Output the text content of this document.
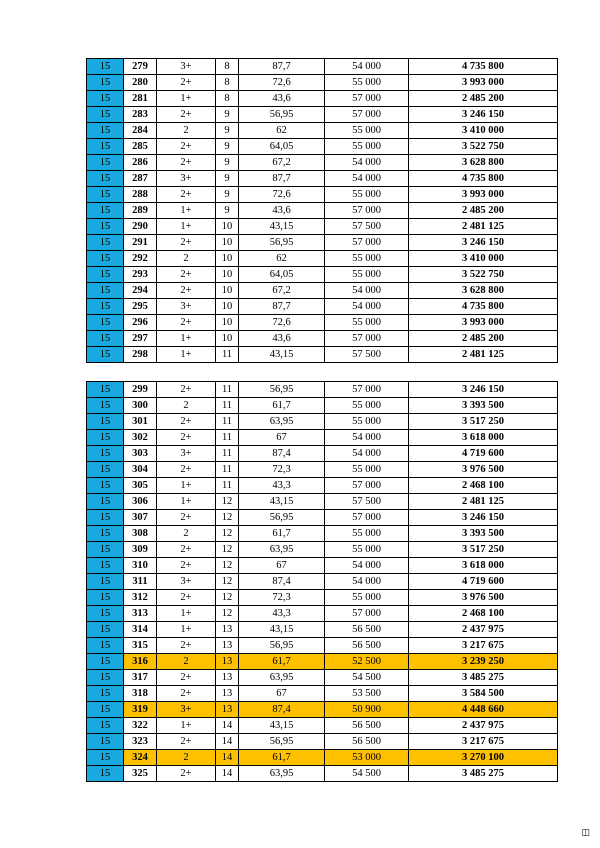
15	279	3+	8	87,7	54 000	4 735 800
15	280	2+	8	72,6	55 000	3 993 000
15	281	1+	8	43,6	57 000	2 485 200
15	283	2+	9	56,95	57 000	3 246 150
15	284	2	9	62	55 000	3 410 000
15	285	2+	9	64,05	55 000	3 522 750
15	286	2+	9	67,2	54 000	3 628 800
15	287	3+	9	87,7	54 000	4 735 800
15	288	2+	9	72,6	55 000	3 993 000
15	289	1+	9	43,6	57 000	2 485 200
15	290	1+	10	43,15	57 500	2 481 125
15	291	2+	10	56,95	57 000	3 246 150
15	292	2	10	62	55 000	3 410 000
15	293	2+	10	64,05	55 000	3 522 750
15	294	2+	10	67,2	54 000	3 628 800
15	295	3+	10	87,7	54 000	4 735 800
15	296	2+	10	72,6	55 000	3 993 000
15	297	1+	10	43,6	57 000	2 485 200
15	298	1+	11	43,15	57 500	2 481 125
15	299	2+	11	56,95	57 000	3 246 150
15	300	2	11	61,7	55 000	3 393 500
15	301	2+	11	63,95	55 000	3 517 250
15	302	2+	11	67	54 000	3 618 000
15	303	3+	11	87,4	54 000	4 719 600
15	304	2+	11	72,3	55 000	3 976 500
15	305	1+	11	43,3	57 000	2 468 100
15	306	1+	12	43,15	57 500	2 481 125
15	307	2+	12	56,95	57 000	3 246 150
15	308	2	12	61,7	55 000	3 393 500
15	309	2+	12	63,95	55 000	3 517 250
15	310	2+	12	67	54 000	3 618 000
15	311	3+	12	87,4	54 000	4 719 600
15	312	2+	12	72,3	55 000	3 976 500
15	313	1+	12	43,3	57 000	2 468 100
15	314	1+	13	43,15	56 500	2 437 975
15	315	2+	13	56,95	56 500	3 217 675
15	316	2	13	61,7	52 500	3 239 250
15	317	2+	13	63,95	54 500	3 485 275
15	318	2+	13	67	53 500	3 584 500
15	319	3+	13	87,4	50 900	4 448 660
15	322	1+	14	43,15	56 500	2 437 975
15	323	2+	14	56,95	56 500	3 217 675
15	324	2	14	61,7	53 000	3 270 100
15	325	2+	14	63,95	54 500	3 485 275
◫
